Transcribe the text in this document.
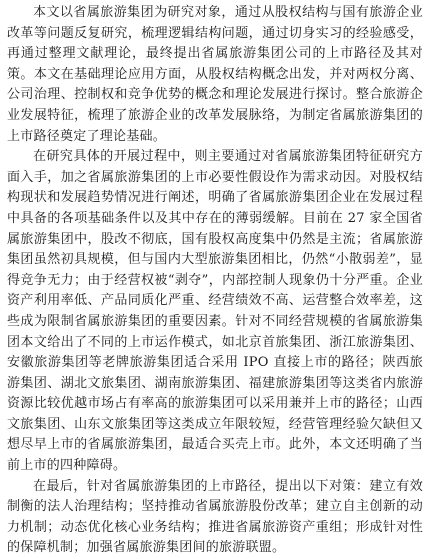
本文以省属旅游集团为研究对象，通过从股权结构与国有旅游企业改革等问题反复研究，梳理逻辑结构问题，通过切身实习的经验感受，再通过整理文献理论，最终提出省属旅游集团公司的上市路径及其对策。本文在基础理论应用方面，从股权结构概念出发，并对两权分离、公司治理、控制权和竞争优势的概念和理论发展进行探讨。整合旅游企业发展特征，梳理了旅游企业的改革发展脉络，为制定省属旅游集团的上市路径奠定了理论基础。

在研究具体的开展过程中，则主要通过对省属旅游集团特征研究方面入手，加之省属旅游集团的上市必要性假设作为需求动因。对股权结构现状和发展趋势情况进行阐述，明确了省属旅游集团企业在发展过程中具备的各项基础条件以及其中存在的薄弱缓解。目前在 27 家全国省属旅游集团中，股改不彻底，国有股权高度集中仍然是主流；省属旅游集团虽然初具规模，但与国内大型旅游集团相比，仍然“小散弱差”，显得竞争无力；由于经营权被“剥夺”，内部控制人现象仍十分严重。企业资产利用率低、产品同质化严重、经营绩效不高、运营整合效率差，这些成为限制省属旅游集团的重要因素。针对不同经营规模的省属旅游集团本文给出了不同的上市运作模式，如北京首旅集团、浙江旅游集团、安徽旅游集团等老牌旅游集团适合采用 IPO 直接上市的路径；陕西旅游集团、湖北文旅集团、湖南旅游集团、福建旅游集团等这类省内旅游资源比较优越市场占有率高的旅游集团可以采用兼并上市的路径；山西文旅集团、山东文旅集团等这类成立年限较短，经营管理经验欠缺但又想尽早上市的省属旅游集团，最适合买壳上市。此外，本文还明确了当前上市的四种障碍。

在最后，针对省属旅游集团的上市路径，提出以下对策：建立有效制衡的法人治理结构；坚持推动省属旅游股份改革；建立自主创新的动力机制；动态优化核心业务结构；推进省属旅游资产重组；形成针对性的保障机制；加强省属旅游集团间的旅游联盟。
